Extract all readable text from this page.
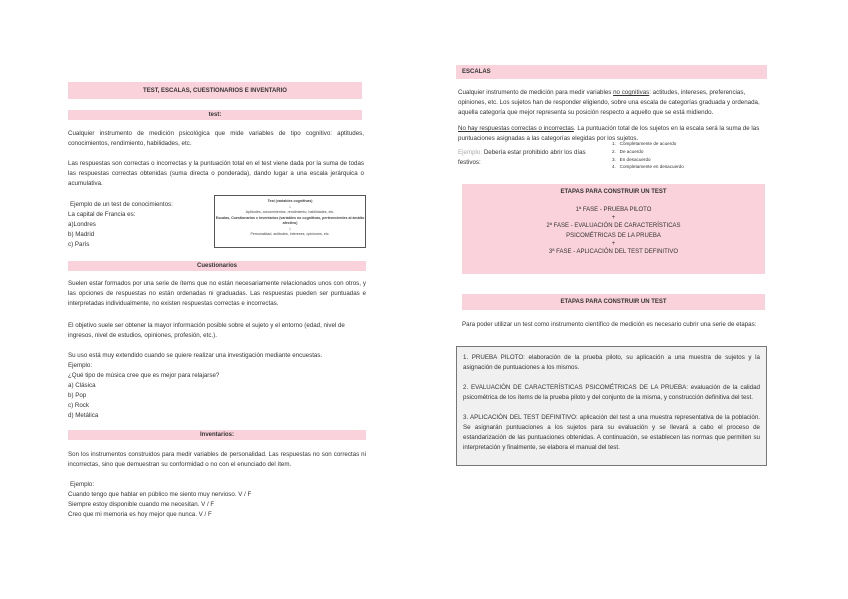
TEST, ESCALAS, CUESTIONARIOS E INVENTARIO
test:

Cualquier instrumento de medición psicológica que mide variables de tipo cognitivo: aptitudes, conocimientos, rendimiento, habilidades, etc.

Las respuestas son correctas o incorrectas y la puntuación total en el test viene dada por la suma de todas las respuestas correctas obtenidas (suma directa o ponderada), dando lugar a una escala jerárquica o acumulativa.

Ejemplo de un test de conocimientos:

La capital de Francia es:

a)Londres

b) Madrid

c) París

Test (variables cognitivas)
↓
Aptitudes, conocimientos, rendimiento, habilidades, etc.
Escalas, Cuestionarios e Inventarios (variables no cognitivas, pertenecientes al ámbito afectivo)
↓
Personalidad, actitudes, intereses, opiniones, etc.
Cuestionarios

Suelen estar formados por una serie de ítems que no están necesariamente relacionados unos con otros, y las opciones de respuestas no están ordenadas ni graduadas. Las respuestas pueden ser puntuadas e interpretadas individualmente, no existen respuestas correctas e incorrectas.

El objetivo suele ser obtener la mayor información posible sobre el sujeto y el entorno (edad, nivel de ingresos, nivel de estudios, opiniones, profesión, etc.).

Su uso está muy extendido cuando se quiere realizar una investigación mediante encuestas.

Ejemplo:

¿Qué tipo de música cree que es mejor para relajarse?

a) Clásica

b) Pop

c) Rock

d) Metálica

Inventarios:

Son los instrumentos construidos para medir variables de personalidad. Las respuestas no son correctas ni incorrectas, sino que demuestran su conformidad o no con el enunciado del ítem.

Ejemplo:

Cuando tengo que hablar en público me siento muy nervioso. V / F

Siempre estoy disponible cuando me necesitan. V / F

Creo que mi memoria es hoy mejor que nunca. V / F

ESCALAS

Cualquier instrumento de medición para medir variables no cognitivas: actitudes, intereses, preferencias, opiniones, etc. Los sujetos han de responder eligiendo, sobre una escala de categorías graduada y ordenada, aquella categoría que mejor representa su posición respecto a aquello que se está midiendo.

No hay respuestas correctas o incorrectas. La puntuación total de los sujetos en la escala será la suma de las puntuaciones asignadas a las categorías elegidas por los sujetos.

Ejemplo: Debería estar prohibido abrir los días festivos:

1.   Completamente de acuerdo
2.   De acuerdo
3.   En desacuerdo
4.   Completamente en desacuerdo
ETAPAS PARA CONSTRUIR UN TEST
1ª FASE - PRUEBA PILOTO
+
2ª FASE - EVALUACIÓN DE CARACTERÍSTICAS
PSICOMÉTRICAS DE LA PRUEBA
+
3ª FASE - APLICACIÓN DEL TEST DEFINITIVO
ETAPAS PARA CONSTRUIR UN TEST

Para poder utilizar un test como instrumento científico de medición es necesario cubrir una serie de etapas:

1. PRUEBA PILOTO: elaboración de la prueba piloto, su aplicación a una muestra de sujetos y la asignación de puntuaciones a los mismos.

2. EVALUACIÓN DE CARACTERÍSTICAS PSICOMÉTRICAS DE LA PRUEBA: evaluación de la calidad psicométrica de los ítems de la prueba piloto y del conjunto de la misma, y construcción definitiva del test.

3. APLICACIÓN DEL TEST DEFINITIVO: aplicación del test a una muestra representativa de la población. Se asignarán puntuaciones a los sujetos para su evaluación y se llevará a cabo el proceso de estandarización de las puntuaciones obtenidas. A continuación, se establecen las normas que permiten su interpretación y finalmente, se elabora el manual del test.
